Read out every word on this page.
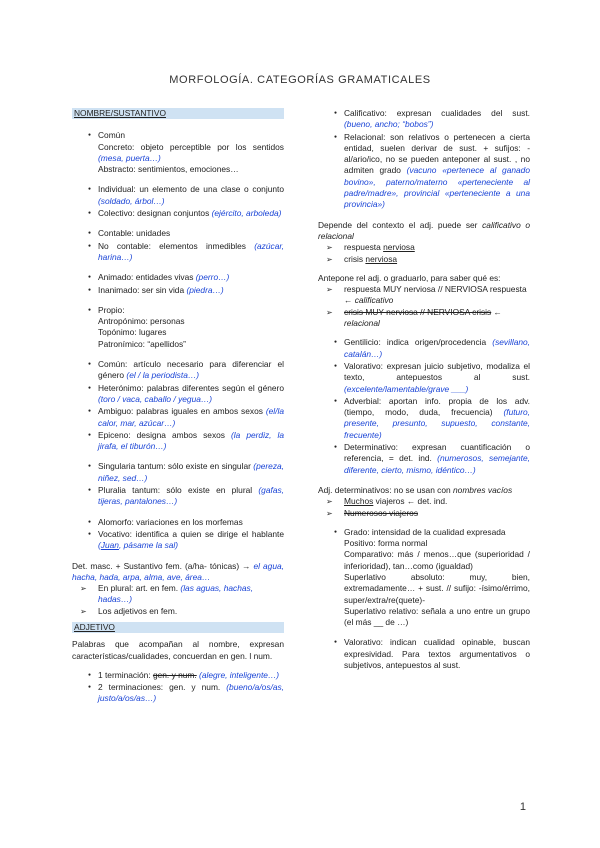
MORFOLOGÍA. CATEGORÍAS GRAMATICALES
NOMBRE/SUSTANTIVO
● Común
Concreto: objeto perceptible por los sentidos (mesa, puerta…)
Abstracto: sentimientos, emociones…
● Individual: un elemento de una clase o conjunto (soldado, árbol…)
● Colectivo: designan conjuntos (ejército, arboleda)
● Contable: unidades
● No contable: elementos inmedibles (azúcar, harina…)
● Animado: entidades vivas (perro…)
● Inanimado: ser sin vida (piedra…)
● Propio:
Antropónimo: personas
Topónimo: lugares
Patronímico: “apellidos”
● Común: artículo necesario para diferenciar el género (el / la periodista…)
● Heterónimo: palabras diferentes según el género (toro / vaca, caballo / yegua…)
● Ambiguo: palabras iguales en ambos sexos (el/la calor, mar, azúcar…)
● Epiceno: designa ambos sexos (la perdiz, la jirafa, el tiburón…)
● Singularia tantum: sólo existe en singular (pereza, niñez, sed…)
● Pluralia tantum: sólo existe en plural (gafas, tijeras, pantalones…)
● Alomorfo: variaciones en los morfemas
● Vocativo: identifica a quien se dirige el hablante (Juan, pásame la sal)

Det. masc. + Sustantivo fem. (a/ha- tónicas) → el agua, hacha, hada, arpa, alma, ave, área…

➢ En plural: art. en fem. (las aguas, hachas, hadas…)
➢ Los adjetivos en fem.
ADJETIVO

Palabras que acompañan al nombre, expresan características/cualidades, concuerdan en gen. l num.

● 1 terminación: gen. y num. (alegre, inteligente…)
● 2 terminaciones: gen. y num. (bueno/a/os/as, justo/a/os/as…)
● Calificativo: expresan cualidades del sust. (bueno, ancho; “bobos”)
● Relacional: son relativos o pertenecen a cierta entidad, suelen derivar de sust. + sufijos: -al/ario/ico, no se pueden anteponer al sust. , no admiten grado (vacuno «pertenece al ganado bovino», paterno/materno «perteneciente al padre/madre», provincial «perteneciente a una provincia»)

Depende del contexto el adj. puede ser calificativo o relacional

➢ respuesta nerviosa
➢ crisis nerviosa

Antepone rel adj. o graduarlo, para saber qué es:

➢ respuesta MUY nerviosa // NERVIOSA respuesta ← calificativo
➢ crisis MUY nerviosa // NERVIOSA crisis ← relacional
● Gentilicio: indica origen/procedencia (sevillano, catalán…)
● Valorativo: expresan juicio subjetivo, modaliza el texto, antepuestos al sust. (excelente/lamentable/grave ___)
● Adverbial: aportan info. propia de los adv. (tiempo, modo, duda, frecuencia) (futuro, presente, presunto, supuesto, constante, frecuente)
● Determinativo: expresan cuantificación o referencia, = det. ind. (numerosos, semejante, diferente, cierto, mismo, idéntico…)

Adj. determinativos: no se usan con nombres vacíos

➢ Muchos viajeros ← det. ind.
➢ Numerosos viajeros
● Grado: intensidad de la cualidad expresada
Positivo: forma normal
Comparativo: más / menos…que (superioridad / inferioridad), tan…como (igualdad)
Superlativo absoluto: muy, bien, extremadamente… + sust. // sufijo: -ísimo/érrimo, super/extra/re(quete)-
Superlativo relativo: señala a uno entre un grupo (el más __ de …)
● Valorativo: indican cualidad opinable, buscan expresividad. Para textos argumentativos o subjetivos, antepuestos al sust.
1
